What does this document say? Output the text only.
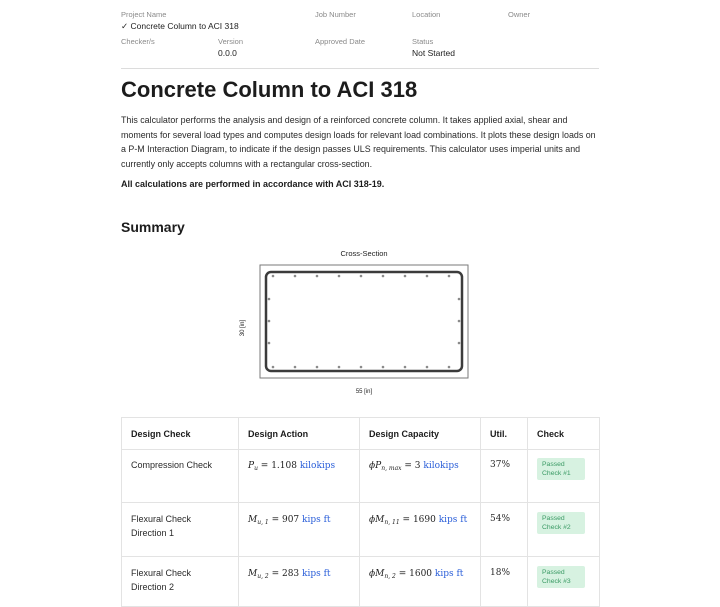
Project Name
✓ Concrete Column to ACI 318
Job Number	Location	Owner
Checker/s	Version
0.0.0
Approved Date	Status
Not Started
Concrete Column to ACI 318

This calculator performs the analysis and design of a reinforced concrete column. It takes applied axial, shear and moments for several load types and computes design loads for relevant load combinations. It plots these design loads on a P-M Interaction Diagram, to indicate if the design passes ULS requirements. This calculator uses imperial units and currently only accepts columns with a rectangular cross-section.

All calculations are performed in accordance with ACI 318-19.

Summary
Cross-Section
30 [in]
55 [in]
Design Check	Design Action	Design Capacity	Util.	Check
Compression Check	$P_u = 1.108$ kilokips	$\phi P_{n, max} = 3$ kilokips	37%	Passed
Check #1
Flexural Check
Direction 1	$M_{u, 1} = 907$ kips ft	$\phi M_{n, 11} = 1690$ kips ft	54%	Passed
Check #2
Flexural Check
Direction 2	$M_{u, 2} = 283$ kips ft	$\phi M_{n, 2} = 1600$ kips ft	18%	Passed
Check #3
